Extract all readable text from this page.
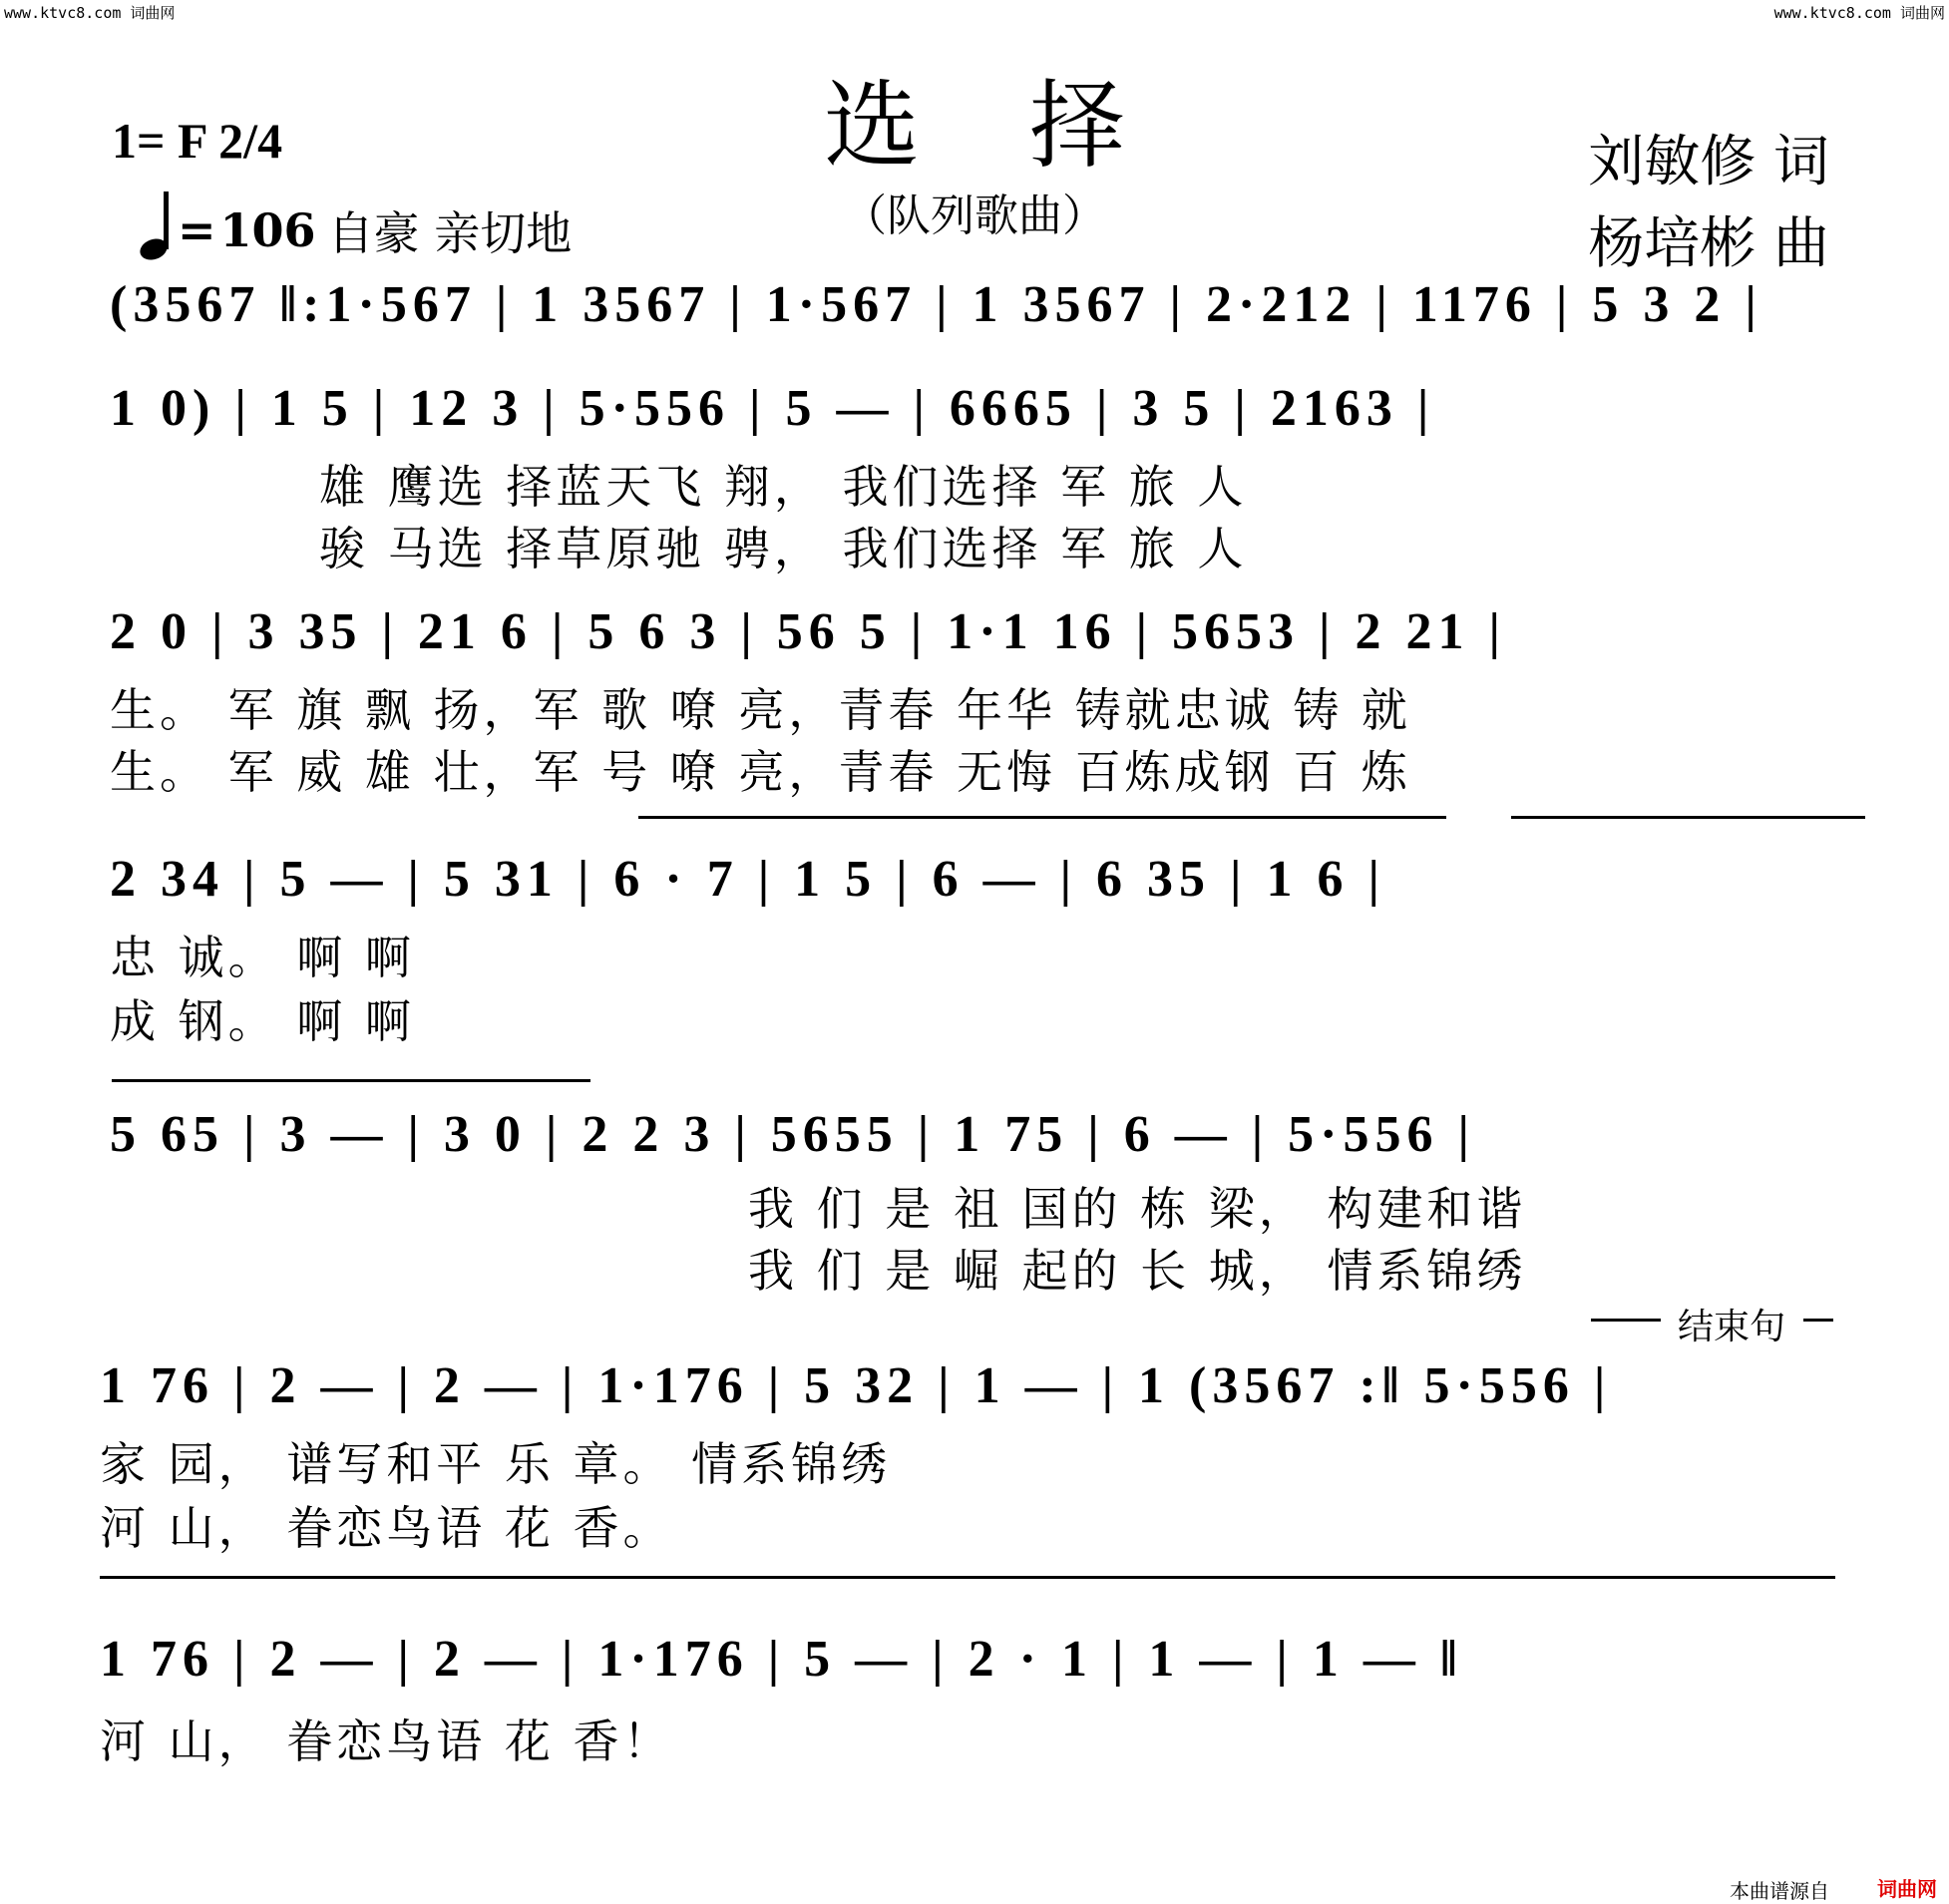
www.ktvc8.com 词曲网	www.ktvc8.com 词曲网
选择
（队列歌曲）
1= F 2/4
= 106 自豪 亲切地
刘敏修 词
杨培彬 曲
(3567 ‖:1·567 | 1 3567 | 1·567 | 1 3567 | 2·212 | 1176 | 5 3 2 |
1 0) | 1 5 | 12 3 | 5·556 | 5 — | 6665 | 3 5 | 2163 |
雄 鹰选 择蓝天飞 翔， 我们选择 军 旅 人
骏 马选 择草原驰 骋， 我们选择 军 旅 人
2 0 | 3 35 | 21 6 | 5 6 3 | 56 5 | 1·1 16 | 5653 | 2 21 |
生。 军 旗 飘 扬，军 歌 嘹 亮，青春 年华 铸就忠诚 铸 就
生。 军 威 雄 壮，军 号 嘹 亮，青春 无悔 百炼成钢 百 炼
2 34 | 5 — | 5 31 | 6 · 7 | 1 5 | 6 — | 6 35 | 1 6 |
忠 诚。 啊 啊
成 钢。 啊 啊
5 65 | 3 — | 3 0 | 2 2 3 | 5655 | 1 75 | 6 — | 5·556 |
我 们 是 祖 国的 栋 梁， 构建和谐
我 们 是 崛 起的 长 城， 情系锦绣
结束句
1 76 | 2 — | 2 — | 1·176 | 5 32 | 1 — | 1 (3567 :‖ 5·556 |
家 园， 谱写和平 乐 章。 情系锦绣
河 山， 眷恋鸟语 花 香。
1 76 | 2 — | 2 — | 1·176 | 5 — | 2 · 1 | 1 — | 1 — ‖
河 山， 眷恋鸟语 花 香！
本曲谱源自 词曲网
